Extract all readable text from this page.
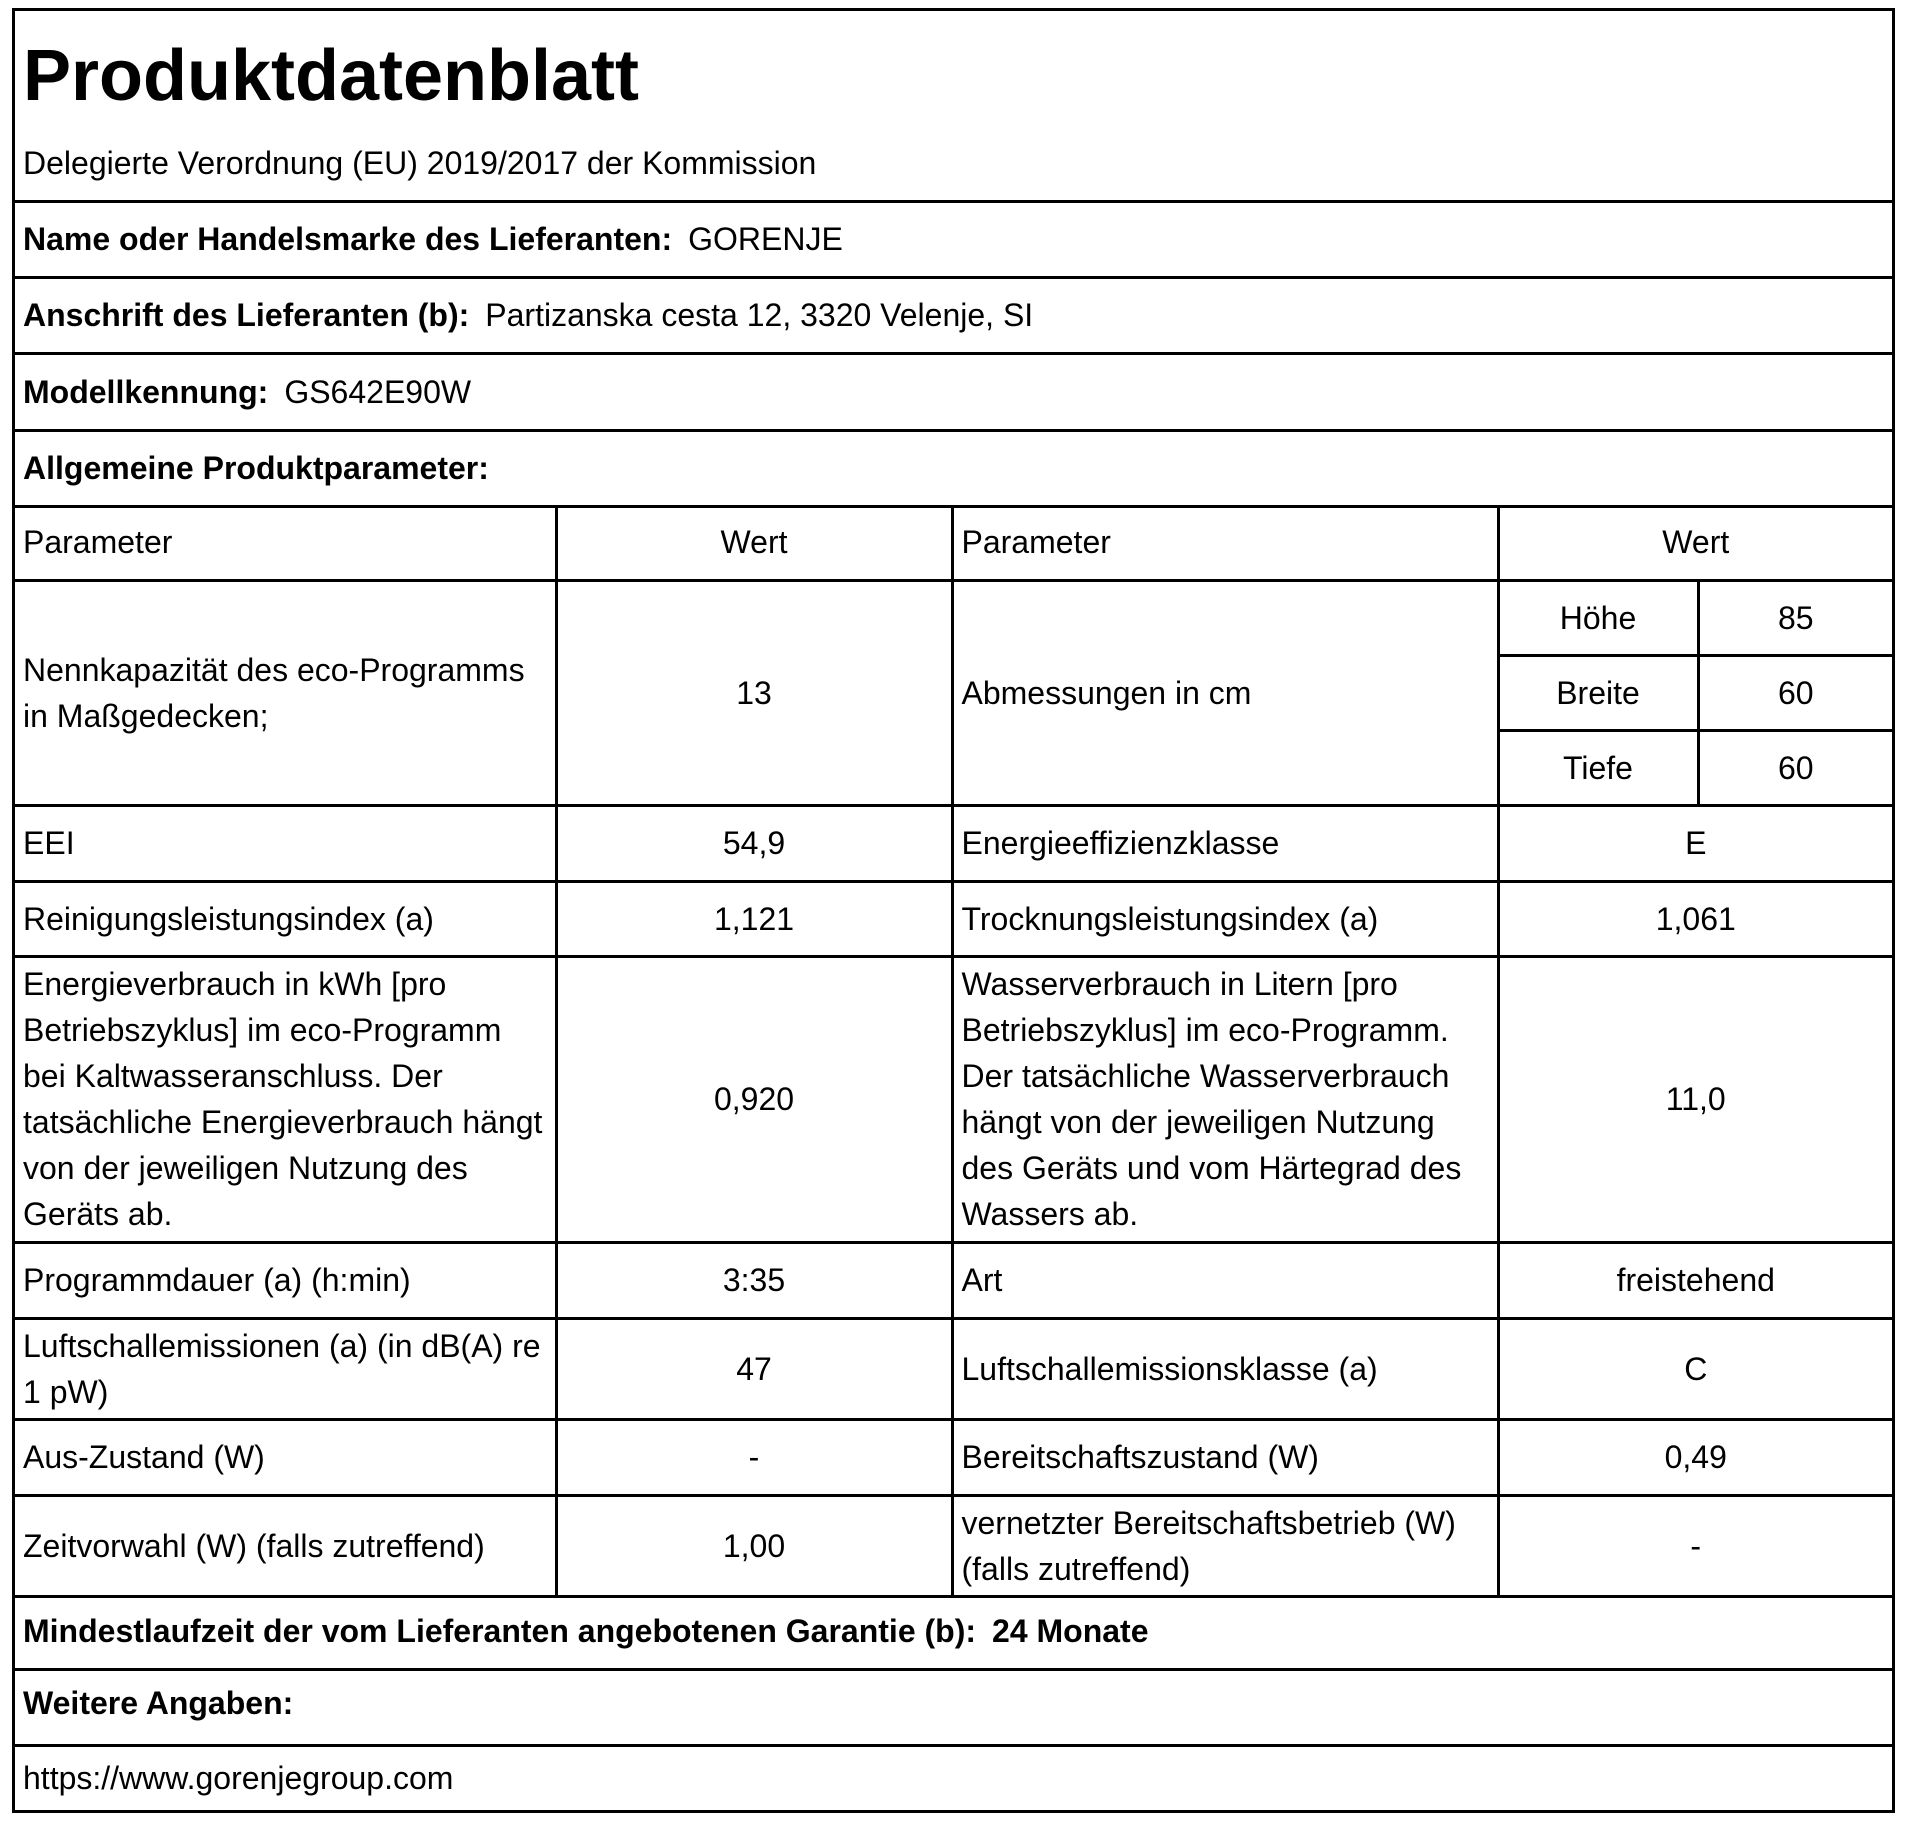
Produktdatenblatt
Delegierte Verordnung (EU) 2019/2017 der Kommission
Name oder Handelsmarke des Lieferanten: GORENJE
Anschrift des Lieferanten (b): Partizanska cesta 12, 3320 Velenje, SI
Modellkennung: GS642E90W
Allgemeine Produktparameter:
Parameter	Wert	Parameter	Wert	
Nennkapazität des eco-Programms in Maßgedecken;	13	Abmessungen in cm	Höhe	85
			Breite	60
			Tiefe	60
EEI	54,9	Energieeffizienzklasse	E	
Reinigungsleistungsindex (a)	1,121	Trocknungsleistungsindex (a)	1,061	
Energieverbrauch in kWh [pro Betriebszyklus] im eco-Programm bei Kaltwasseranschluss. Der tatsächliche Energieverbrauch hängt von der jeweiligen Nutzung des Geräts ab.	0,920	Wasserverbrauch in Litern [pro Betriebszyklus] im eco-Programm. Der tatsächliche Wasserverbrauch hängt von der jeweiligen Nutzung des Geräts und vom Härtegrad des Wassers ab.	11,0	
Programmdauer (a) (h:min)	3:35	Art	freistehend	
Luftschallemissionen (a) (in dB(A) re 1 pW)	47	Luftschallemissionsklasse (a)	C	
Aus-Zustand (W)	-	Bereitschaftszustand (W)	0,49	
Zeitvorwahl (W) (falls zutreffend)	1,00	vernetzter Bereitschaftsbetrieb (W) (falls zutreffend)	-	
Mindestlaufzeit der vom Lieferanten angebotenen Garantie (b): 24 Monate
Weitere Angaben:
https://www.gorenjegroup.com
